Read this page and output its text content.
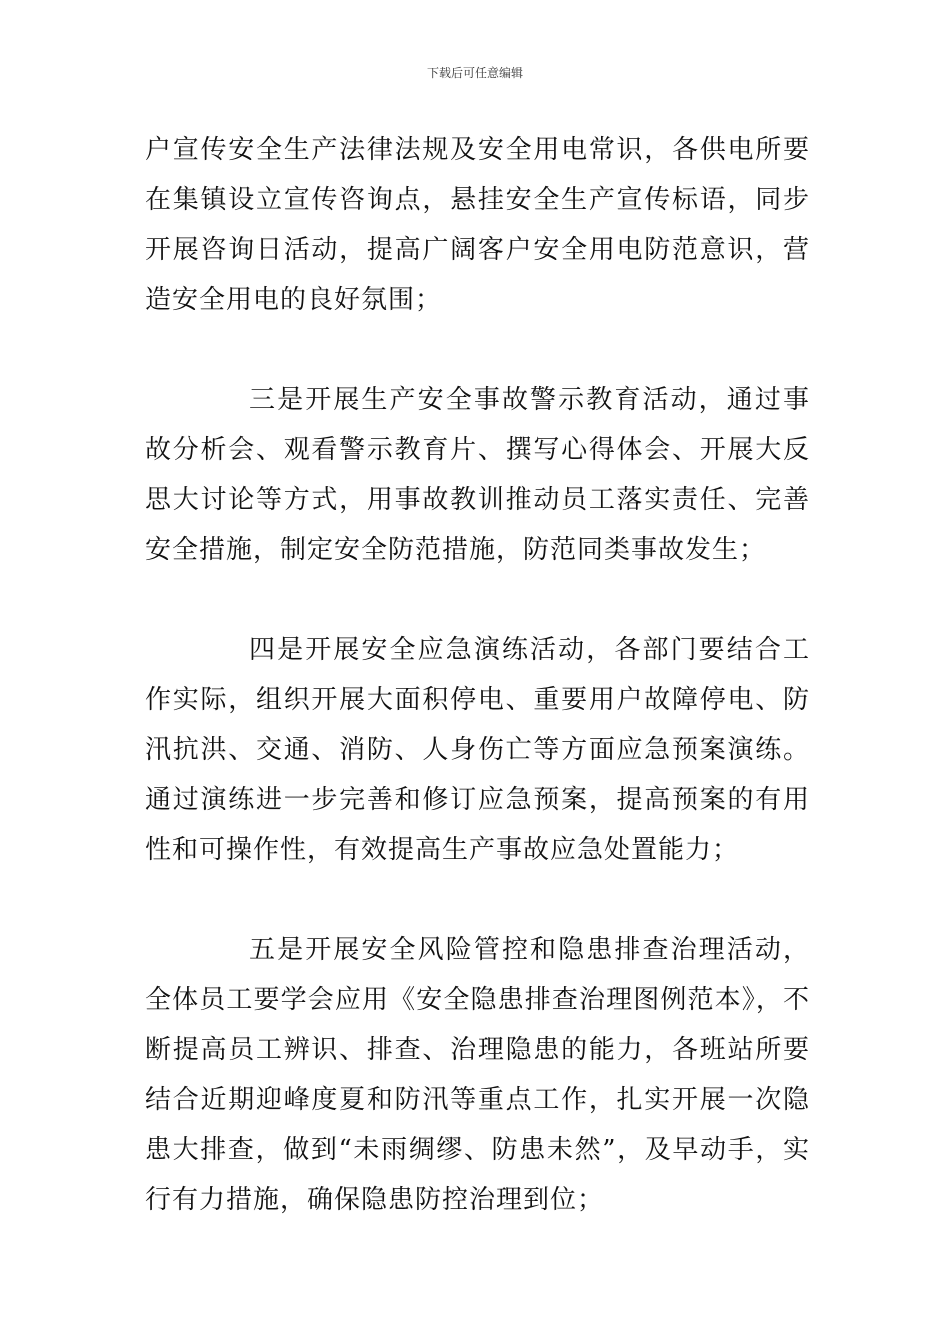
下载后可任意编辑

户宣传安全生产法律法规及安全用电常识，各供电所要在集镇设立宣传咨询点，悬挂安全生产宣传标语，同步开展咨询日活动，提高广阔客户安全用电防范意识，营造安全用电的良好氛围；

三是开展生产安全事故警示教育活动，通过事故分析会、观看警示教育片、撰写心得体会、开展大反思大讨论等方式，用事故教训推动员工落实责任、完善安全措施，制定安全防范措施，防范同类事故发生；

四是开展安全应急演练活动，各部门要结合工作实际，组织开展大面积停电、重要用户故障停电、防汛抗洪、交通、消防、人身伤亡等方面应急预案演练。通过演练进一步完善和修订应急预案，提高预案的有用性和可操作性，有效提高生产事故应急处置能力；

五是开展安全风险管控和隐患排查治理活动，全体员工要学会应用《安全隐患排查治理图例范本》，不断提高员工辨识、排查、治理隐患的能力，各班站所要结合近期迎峰度夏和防汛等重点工作，扎实开展一次隐患大排查，做到“未雨绸缪、防患未然”，及早动手，实行有力措施，确保隐患防控治理到位；
